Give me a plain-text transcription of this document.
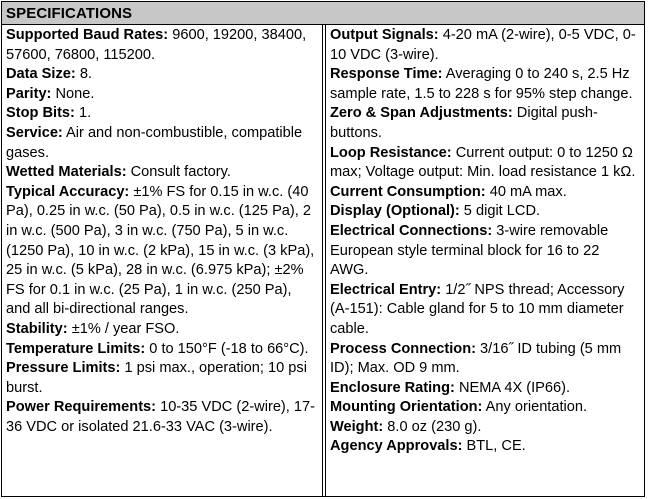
SPECIFICATIONS

Supported Baud Rates: 9600, 19200, 38400, 57600, 76800, 115200.

Data Size: 8.

Parity: None.

Stop Bits: 1.

Service: Air and non-combustible, compatible gases.

Wetted Materials: Consult factory.

Typical Accuracy: ±1% FS for 0.15 in w.c. (40 Pa), 0.25 in w.c. (50 Pa), 0.5 in w.c. (125 Pa), 2 in w.c. (500 Pa), 3 in w.c. (750 Pa), 5 in w.c. (1250 Pa), 10 in w.c. (2 kPa), 15 in w.c. (3 kPa), 25 in w.c. (5 kPa), 28 in w.c. (6.975 kPa); ±2% FS for 0.1 in w.c. (25 Pa), 1 in w.c. (250 Pa), and all bi-directional ranges.

Stability: ±1% / year FSO.

Temperature Limits: 0 to 150°F (-18 to 66°C).

Pressure Limits: 1 psi max., operation; 10 psi burst.

Power Requirements: 10-35 VDC (2-wire), 17-36 VDC or isolated 21.6-33 VAC (3-wire).

Output Signals: 4-20 mA (2-wire), 0-5 VDC, 0-10 VDC (3-wire).

Response Time: Averaging 0 to 240 s, 2.5 Hz sample rate, 1.5 to 228 s for 95% step change.

Zero & Span Adjustments: Digital push-buttons.

Loop Resistance: Current output: 0 to 1250 Ω max; Voltage output: Min. load resistance 1 kΩ.

Current Consumption: 40 mA max.

Display (Optional): 5 digit LCD.

Electrical Connections: 3-wire removable European style terminal block for 16 to 22 AWG.

Electrical Entry: 1/2˝ NPS thread; Accessory (A-151): Cable gland for 5 to 10 mm diameter cable.

Process Connection: 3/16˝ ID tubing (5 mm ID); Max. OD 9 mm.

Enclosure Rating: NEMA 4X (IP66).

Mounting Orientation: Any orientation.

Weight: 8.0 oz (230 g).

Agency Approvals: BTL, CE.
